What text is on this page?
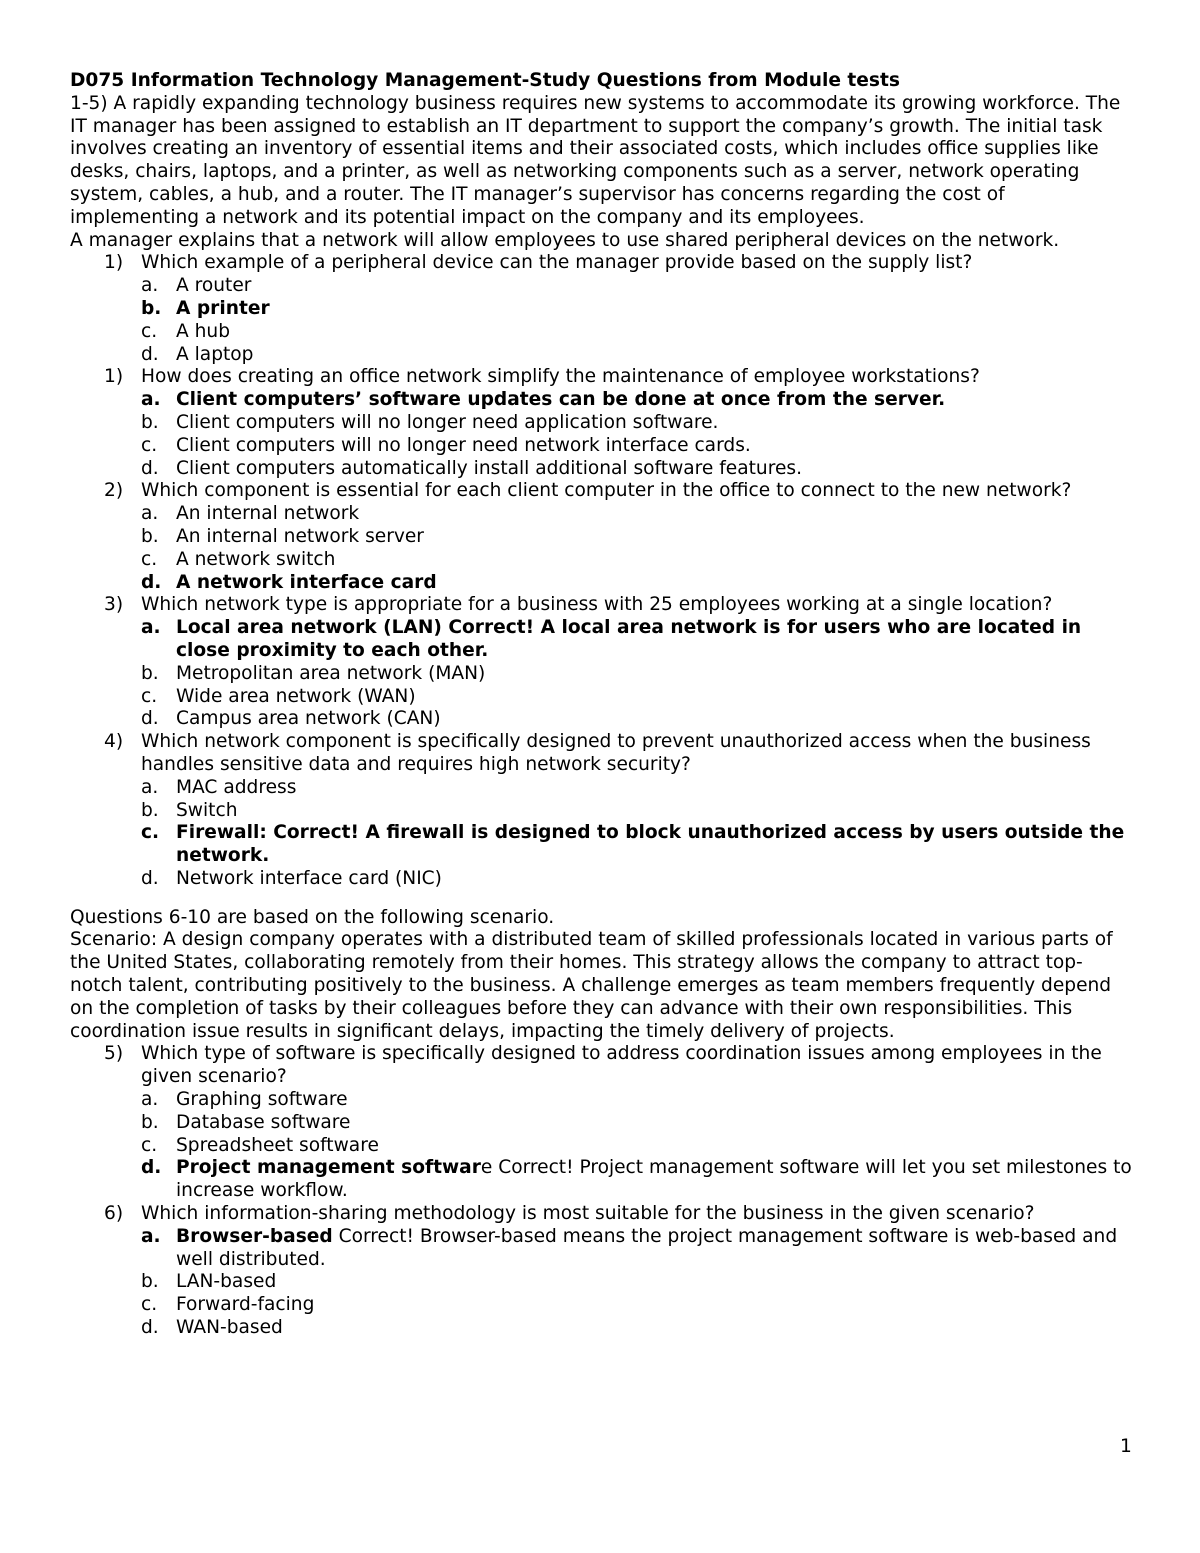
D075 Information Technology Management-Study Questions from Module tests

1-5) A rapidly expanding technology business requires new systems to accommodate its growing workforce. The IT manager has been assigned to establish an IT department to support the company’s growth. The initial task involves creating an inventory of essential items and their associated costs, which includes office supplies like desks, chairs, laptops, and a printer, as well as networking components such as a server, network operating system, cables, a hub, and a router. The IT manager’s supervisor has concerns regarding the cost of implementing a network and its potential impact on the company and its employees.

A manager explains that a network will allow employees to use shared peripheral devices on the network.

1) Which example of a peripheral device can the manager provide based on the supply list?
a. A router
b. A printer
c. A hub
d. A laptop
1) How does creating an office network simplify the maintenance of employee workstations?
a. Client computers’ software updates can be done at once from the server.
b. Client computers will no longer need application software.
c. Client computers will no longer need network interface cards.
d. Client computers automatically install additional software features.
2) Which component is essential for each client computer in the office to connect to the new network?
a. An internal network
b. An internal network server
c. A network switch
d. A network interface card
3) Which network type is appropriate for a business with 25 employees working at a single location?
a. Local area network (LAN) Correct! A local area network is for users who are located in close proximity to each other.
b. Metropolitan area network (MAN)
c. Wide area network (WAN)
d. Campus area network (CAN)
4) Which network component is specifically designed to prevent unauthorized access when the business handles sensitive data and requires high network security?
a. MAC address
b. Switch
c. Firewall: Correct! A firewall is designed to block unauthorized access by users outside the network.
d. Network interface card (NIC)

Questions 6-10 are based on the following scenario.

Scenario: A design company operates with a distributed team of skilled professionals located in various parts of the United States, collaborating remotely from their homes. This strategy allows the company to attract top-notch talent, contributing positively to the business. A challenge emerges as team members frequently depend on the completion of tasks by their colleagues before they can advance with their own responsibilities. This coordination issue results in significant delays, impacting the timely delivery of projects.

5) Which type of software is specifically designed to address coordination issues among employees in the given scenario?
a. Graphing software
b. Database software
c. Spreadsheet software
d. Project management software Correct! Project management software will let you set milestones to increase workflow.
6) Which information-sharing methodology is most suitable for the business in the given scenario?
a. Browser-based Correct! Browser-based means the project management software is web-based and well distributed.
b. LAN-based
c. Forward-facing
d. WAN-based
1
